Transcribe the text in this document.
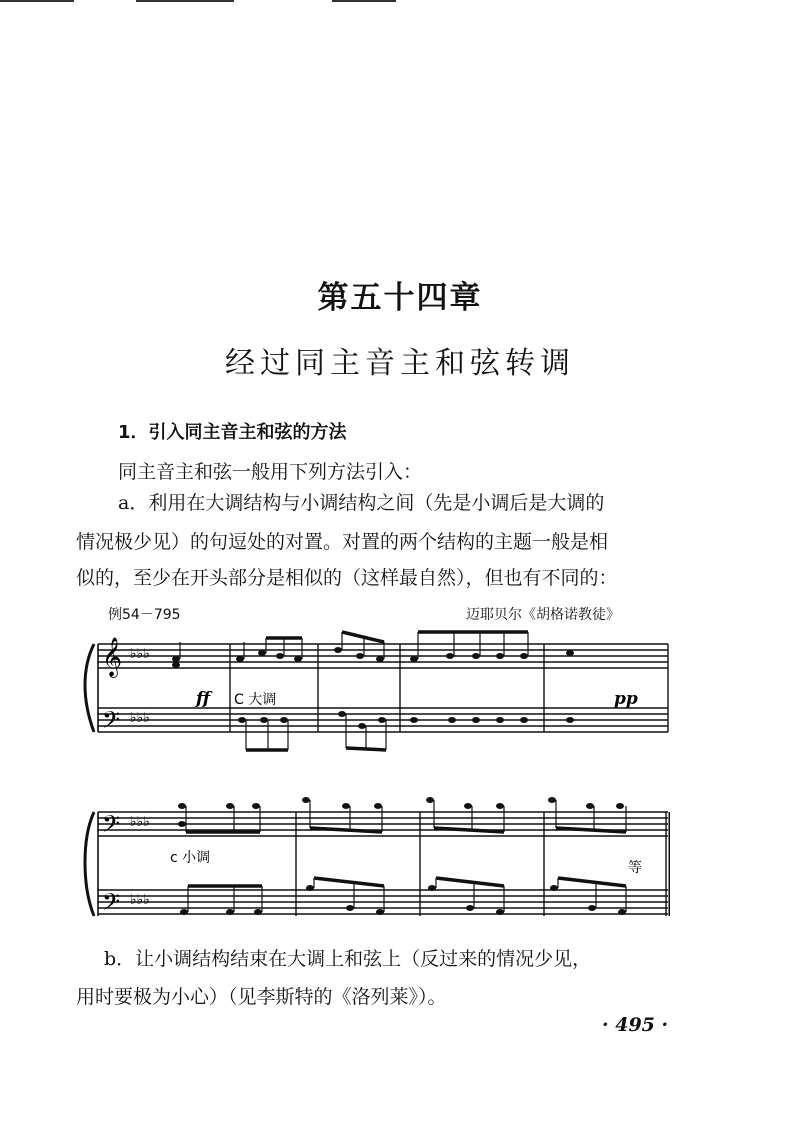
第五十四章
经过同主音主和弦转调
1．引入同主音主和弦的方法
同主音主和弦一般用下列方法引入：
a．利用在大调结构与小调结构之间（先是小调后是大调的
情况极少见）的句逗处的对置。对置的两个结构的主题一般是相
似的，至少在开头部分是相似的（这样最自然），但也有不同的：
例54－795	迈耶贝尔《胡格诺教徒》
𝄞
𝄢
♭♭♭
♭♭♭
ff	pp
C 大调
𝄢
𝄢
♭♭♭
♭♭♭
c 小调
等
b．让小调结构结束在大调上和弦上（反过来的情况少见，
用时要极为小心）（见李斯特的《洛列莱》）。
· 495 ·
